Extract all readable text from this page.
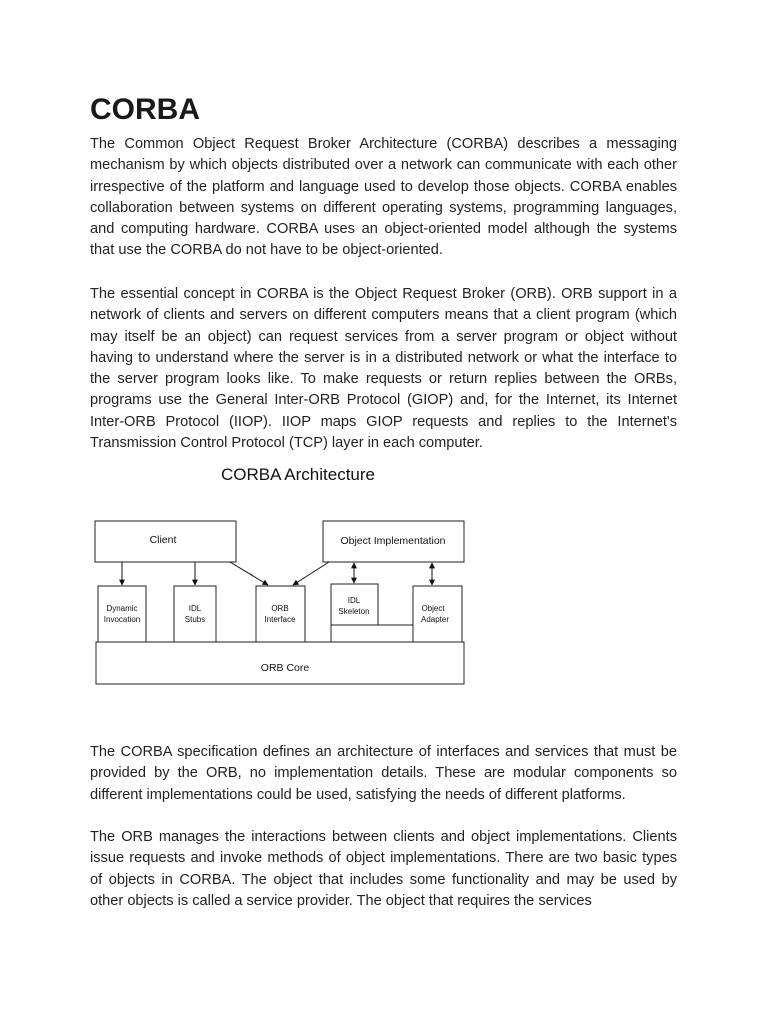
CORBA

The Common Object Request Broker Architecture (CORBA) describes a messaging mechanism by which objects distributed over a network can communicate with each other irrespective of the platform and language used to develop those objects. CORBA enables collaboration between systems on different operating systems, programming languages, and computing hardware. CORBA uses an object-oriented model although the systems that use the CORBA do not have to be object-oriented.

The essential concept in CORBA is the Object Request Broker (ORB). ORB support in a network of clients and servers on different computers means that a client program (which may itself be an object) can request services from a server program or object without having to understand where the server is in a distributed network or what the interface to the server program looks like. To make requests or return replies between the ORBs, programs use the General Inter-ORB Protocol (GIOP) and, for the Internet, its Internet Inter-ORB Protocol (IIOP). IIOP maps GIOP requests and replies to the Internet's Transmission Control Protocol (TCP) layer in each computer.

CORBA Architecture
Client	Object Implementation
ORB Core
Dynamic
Invocation
IDL
Stubs
ORB
Interface
IDL
Skeleton	Object
Adapter

The CORBA specification defines an architecture of interfaces and services that must be provided by the ORB, no implementation details. These are modular components so different implementations could be used, satisfying the needs of different platforms.

The ORB manages the interactions between clients and object implementations. Clients issue requests and invoke methods of object implementations. There are two basic types of objects in CORBA. The object that includes some functionality and may be used by other objects is called a service provider. The object that requires the services
